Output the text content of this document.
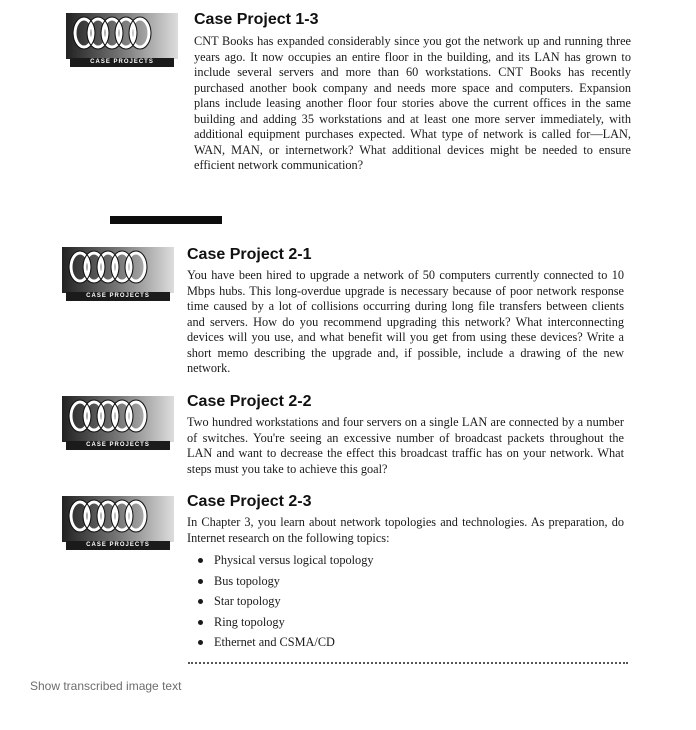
CASE PROJECTS
Case Project 1-3
CNT Books has expanded considerably since you got the network up and running three years ago. It now occupies an entire floor in the building, and its LAN has grown to include several servers and more than 60 workstations. CNT Books has recently purchased another book company and needs more space and computers. Expansion plans include leasing another floor four stories above the current offices in the same building and adding 35 workstations and at least one more server immediately, with additional equipment purchases expected. What type of network is called for—LAN, WAN, MAN, or internetwork? What additional devices might be needed to ensure efficient network communication?
CASE PROJECTS
Case Project 2-1
You have been hired to upgrade a network of 50 computers currently connected to 10 Mbps hubs. This long-overdue upgrade is necessary because of poor network response time caused by a lot of collisions occurring during long file transfers between clients and servers. How do you recommend upgrading this network? What interconnecting devices will you use, and what benefit will you get from using these devices? Write a short memo describing the upgrade and, if possible, include a drawing of the new network.
CASE PROJECTS
Case Project 2-2
Two hundred workstations and four servers on a single LAN are connected by a number of switches. You're seeing an excessive number of broadcast packets throughout the LAN and want to decrease the effect this broadcast traffic has on your network. What steps must you take to achieve this goal?
CASE PROJECTS
Case Project 2-3
In Chapter 3, you learn about network topologies and technologies. As preparation, do Internet research on the following topics:
Physical versus logical topology
Bus topology
Star topology
Ring topology
Ethernet and CSMA/CD
Show transcribed image text
